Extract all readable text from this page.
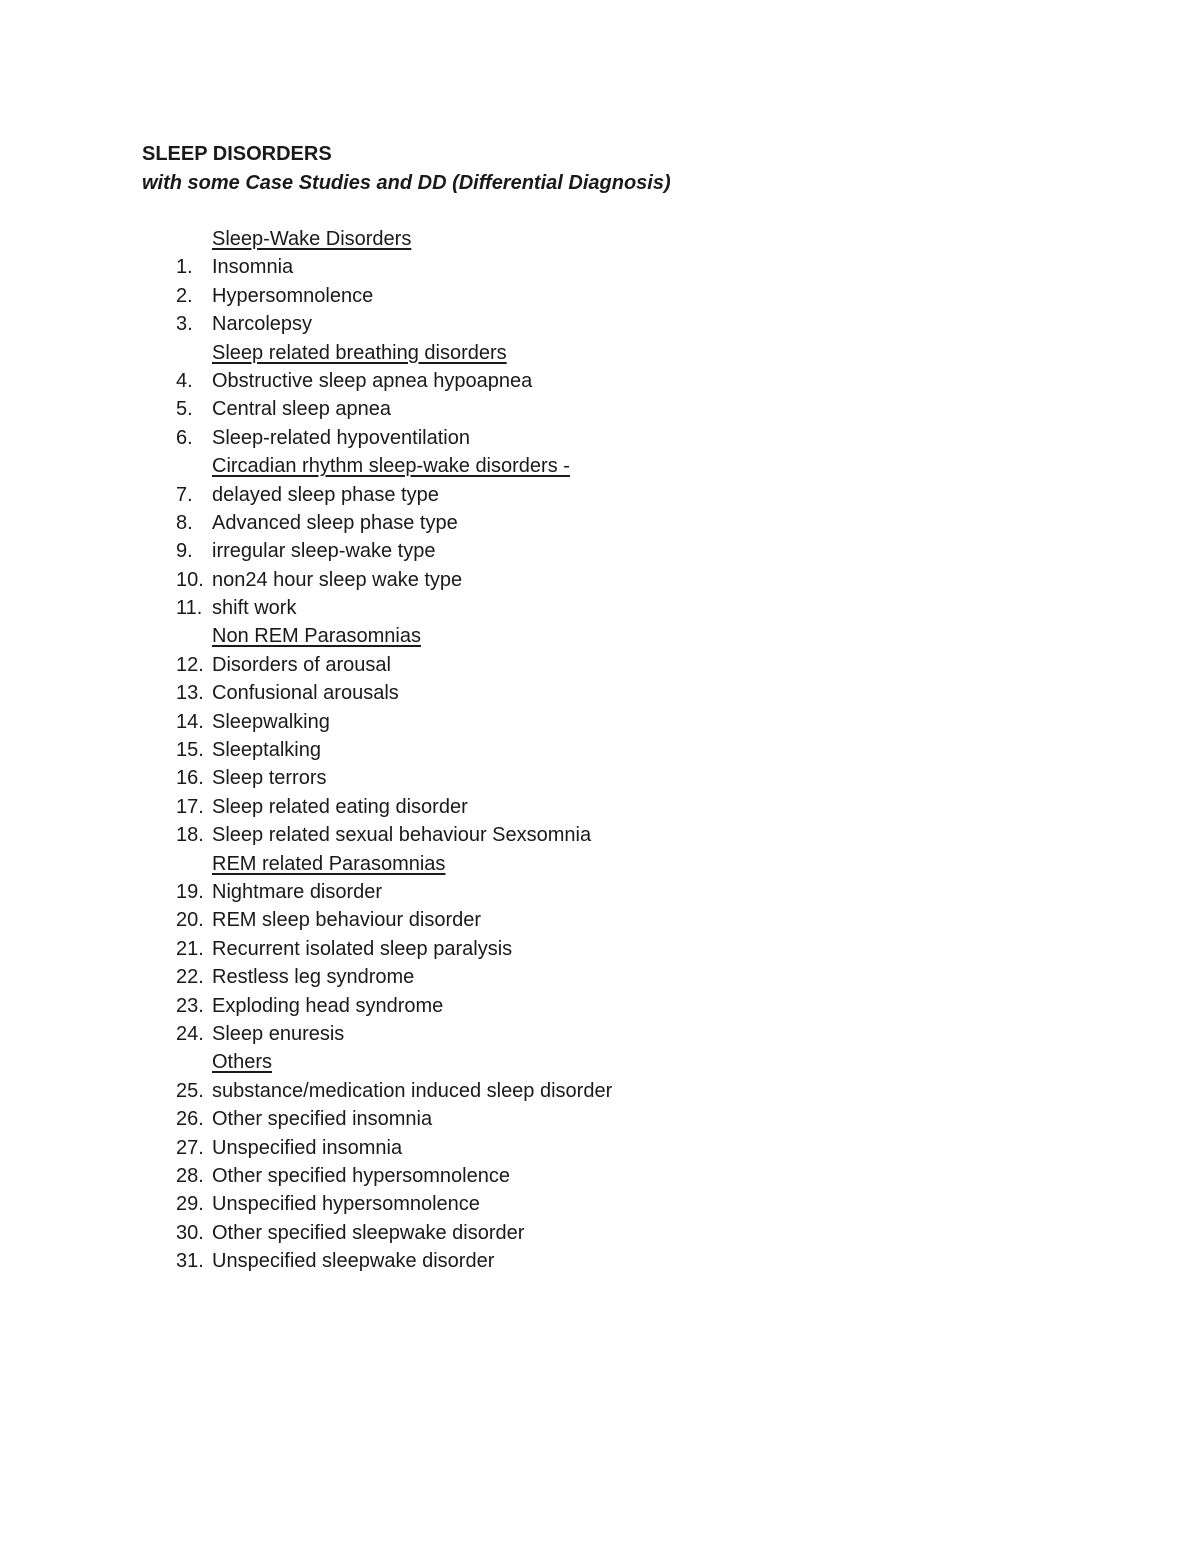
SLEEP DISORDERS
with some Case Studies and DD (Differential Diagnosis)
Sleep-Wake Disorders
1. Insomnia
2. Hypersomnolence
3. Narcolepsy
Sleep related breathing disorders
4. Obstructive sleep apnea hypoapnea
5. Central sleep apnea
6. Sleep-related hypoventilation
Circadian rhythm sleep-wake disorders -
7. delayed sleep phase type
8. Advanced sleep phase type
9. irregular sleep-wake type
10. non24 hour sleep wake type
11. shift work
Non REM Parasomnias
12. Disorders of arousal
13. Confusional arousals
14. Sleepwalking
15. Sleeptalking
16. Sleep terrors
17. Sleep related eating disorder
18. Sleep related sexual behaviour Sexsomnia
REM related Parasomnias
19. Nightmare disorder
20. REM sleep behaviour disorder
21. Recurrent isolated sleep paralysis
22. Restless leg syndrome
23. Exploding head syndrome
24. Sleep enuresis
Others
25. substance/medication induced sleep disorder
26. Other specified insomnia
27. Unspecified insomnia
28. Other specified hypersomnolence
29. Unspecified hypersomnolence
30. Other specified sleepwake disorder
31. Unspecified sleepwake disorder
